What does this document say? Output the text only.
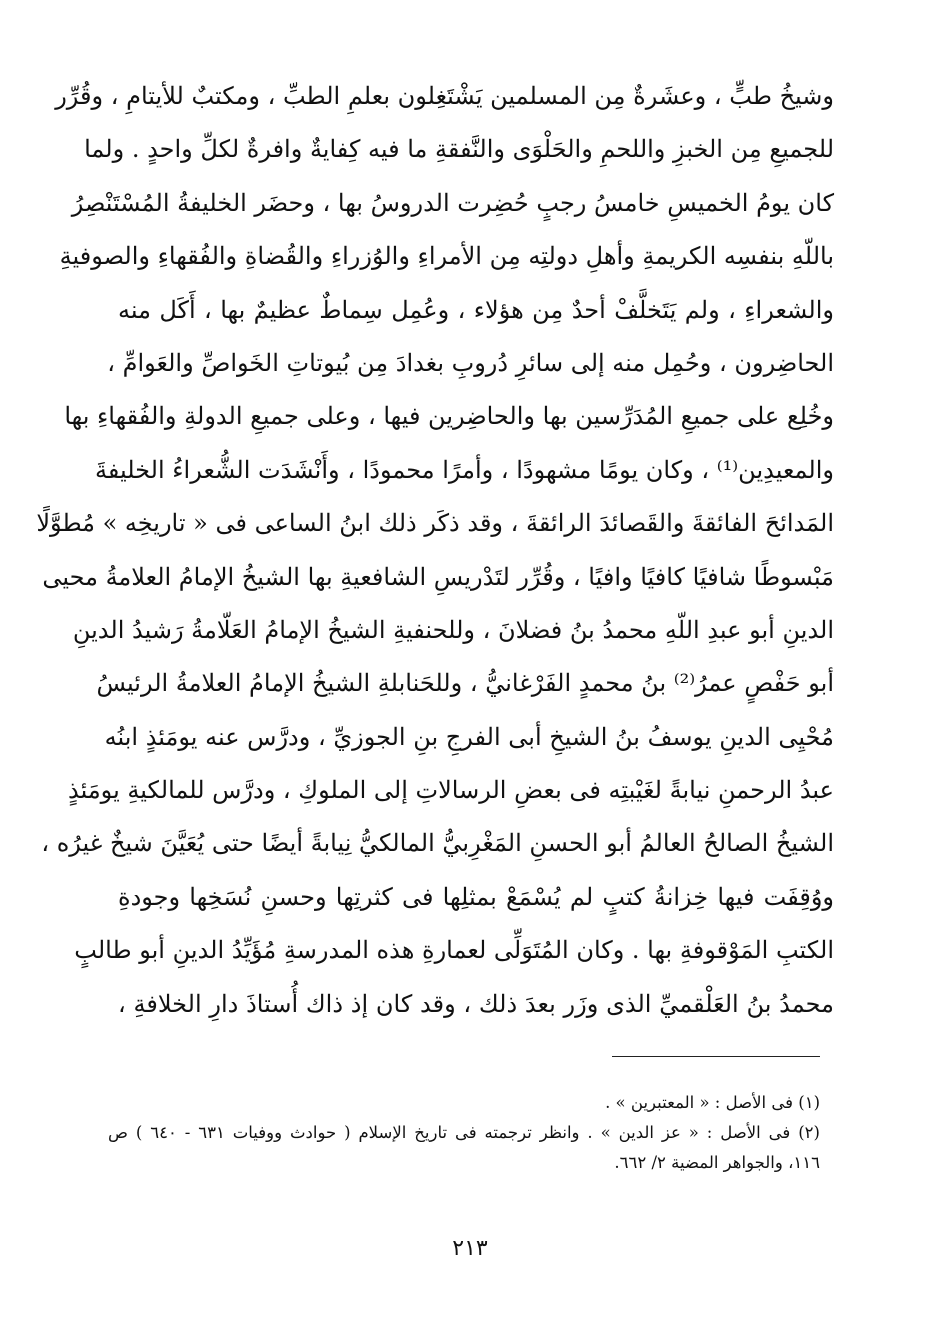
وشيخُ طبٍّ ، وعشَرةٌ مِن المسلمين يَشْتَغِلون بعلمِ الطبِّ ، ومكتبٌ للأيتامِ ، وقُرِّر
للجميعِ مِن الخبزِ واللحمِ والحَلْوَى والنَّفقةِ ما فيه كِفايةٌ وافرةٌ لكلِّ واحدٍ . ولما
كان يومُ الخميسِ خامسُ رجبٍ حُضِرت الدروسُ بها ، وحضَر الخليفةُ المُسْتَنْصِرُ
باللّهِ بنفسِه الكريمةِ وأهلِ دولتِه مِن الأمراءِ والوُزراءِ والقُضاةِ والفُقهاءِ والصوفيةِ
والشعراءِ ، ولم يَتَخلَّفْ أحدٌ مِن هؤلاء ، وعُمِل سِماطٌ عظيمٌ بها ، أَكَل منه
الحاضِرون ، وحُمِل منه إلى سائرِ دُروبِ بغدادَ مِن بُيوتاتِ الخَواصِّ والعَوامِّ ،
وخُلِع على جميعِ المُدَرِّسين بها والحاضِرين فيها ، وعلى جميعِ الدولةِ والفُقهاءِ بها
والمعيدِين⁽¹⁾ ، وكان يومًا مشهودًا ، وأمرًا محمودًا ، وأَنْشَدَت الشُّعراءُ الخليفةَ
المَدائحَ الفائقةَ والقَصائدَ الرائقةَ ، وقد ذكَر ذلك ابنُ الساعى فى « تاريخِه » مُطوَّلًا
مَبْسوطًا شافيًا كافيًا وافيًا ، وقُرِّر لتَدْريسِ الشافعيةِ بها الشيخُ الإمامُ العلامةُ محيى
الدينِ أبو عبدِ اللّهِ محمدُ بنُ فضلانَ ، وللحنفيةِ الشيخُ الإمامُ العَلّامةُ رَشيدُ الدينِ
أبو حَفْصٍ عمرُ⁽²⁾ بنُ محمدٍ الفَرْغانيُّ ، وللحَنابلةِ الشيخُ الإمامُ العلامةُ الرئيسُ
مُحْيِى الدينِ يوسفُ بنُ الشيخِ أبى الفرجِ بنِ الجوزيِّ ، ودرَّس عنه يومَئذٍ ابنُه
عبدُ الرحمنِ نيابةً لغَيْبتِه فى بعضِ الرسالاتِ إلى الملوكِ ، ودرَّس للمالكيةِ يومَئذٍ
الشيخُ الصالحُ العالمُ أبو الحسنِ المَغْرِبيُّ المالكيُّ نِيابةً أيضًا حتى يُعَيَّنَ شيخٌ غيرُه ،
ووُقِفَت فيها خِزانةُ كتبٍ لم يُسْمَعْ بمثلِها فى كثرتِها وحسنِ نُسَخِها وجودةِ
الكتبِ المَوْقوفةِ بها . وكان المُتَوَلِّى لعمارةِ هذه المدرسةِ مُؤَيِّدُ الدينِ أبو طالبٍ
محمدُ بنُ العَلْقميِّ الذى وزَر بعدَ ذلك ، وقد كان إذ ذاك أُستاذَ دارِ الخلافةِ ،
(١) فى الأصل : « المعتبرين » .
(٢) فى الأصل : « عز الدين » . وانظر ترجمته فى تاريخ الإسلام ( حوادث ووفيات ٦٣١ - ٦٤٠ ) ص
١١٦، والجواهر المضية ٢/ ٦٦٢.
٢١٣
